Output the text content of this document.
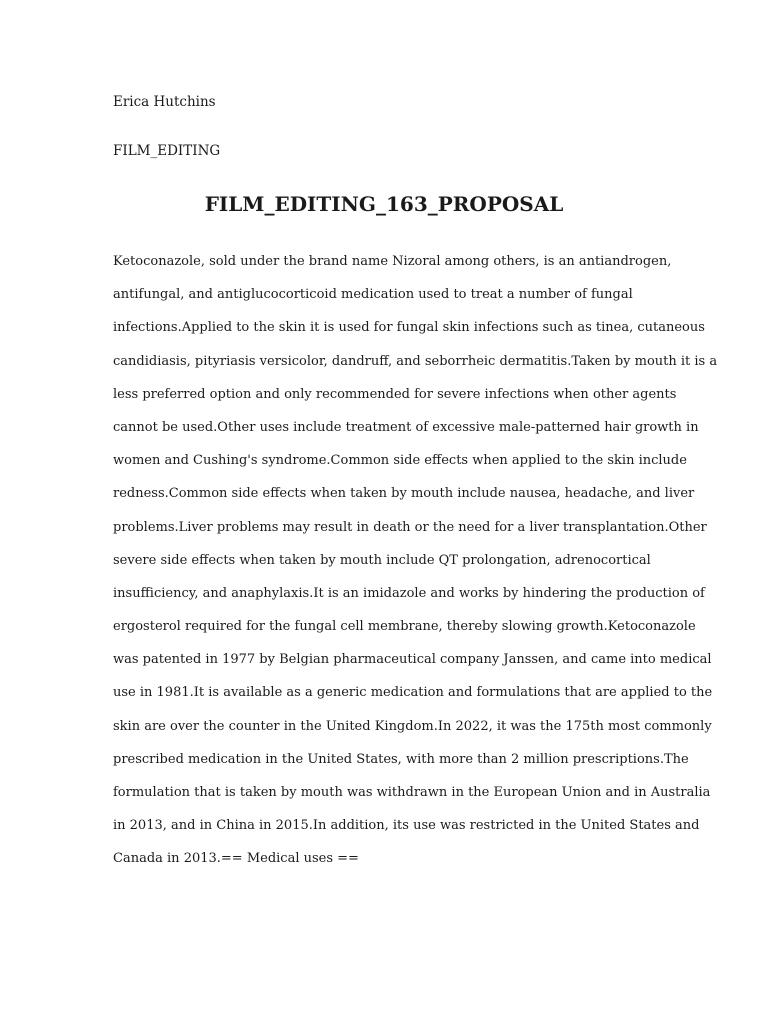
Erica Hutchins
FILM_EDITING
FILM_EDITING_163_PROPOSAL
Ketoconazole, sold under the brand name Nizoral among others, is an antiandrogen,
antifungal, and antiglucocorticoid medication used to treat a number of fungal
infections.Applied to the skin it is used for fungal skin infections such as tinea, cutaneous
candidiasis, pityriasis versicolor, dandruff, and seborrheic dermatitis.Taken by mouth it is a
less preferred option and only recommended for severe infections when other agents
cannot be used.Other uses include treatment of excessive male-patterned hair growth in
women and Cushing's syndrome.Common side effects when applied to the skin include
redness.Common side effects when taken by mouth include nausea, headache, and liver
problems.Liver problems may result in death or the need for a liver transplantation.Other
severe side effects when taken by mouth include QT prolongation, adrenocortical
insufficiency, and anaphylaxis.It is an imidazole and works by hindering the production of
ergosterol required for the fungal cell membrane, thereby slowing growth.Ketoconazole
was patented in 1977 by Belgian pharmaceutical company Janssen, and came into medical
use in 1981.It is available as a generic medication and formulations that are applied to the
skin are over the counter in the United Kingdom.In 2022, it was the 175th most commonly
prescribed medication in the United States, with more than 2 million prescriptions.The
formulation that is taken by mouth was withdrawn in the European Union and in Australia
in 2013, and in China in 2015.In addition, its use was restricted in the United States and
Canada in 2013.== Medical uses ==
